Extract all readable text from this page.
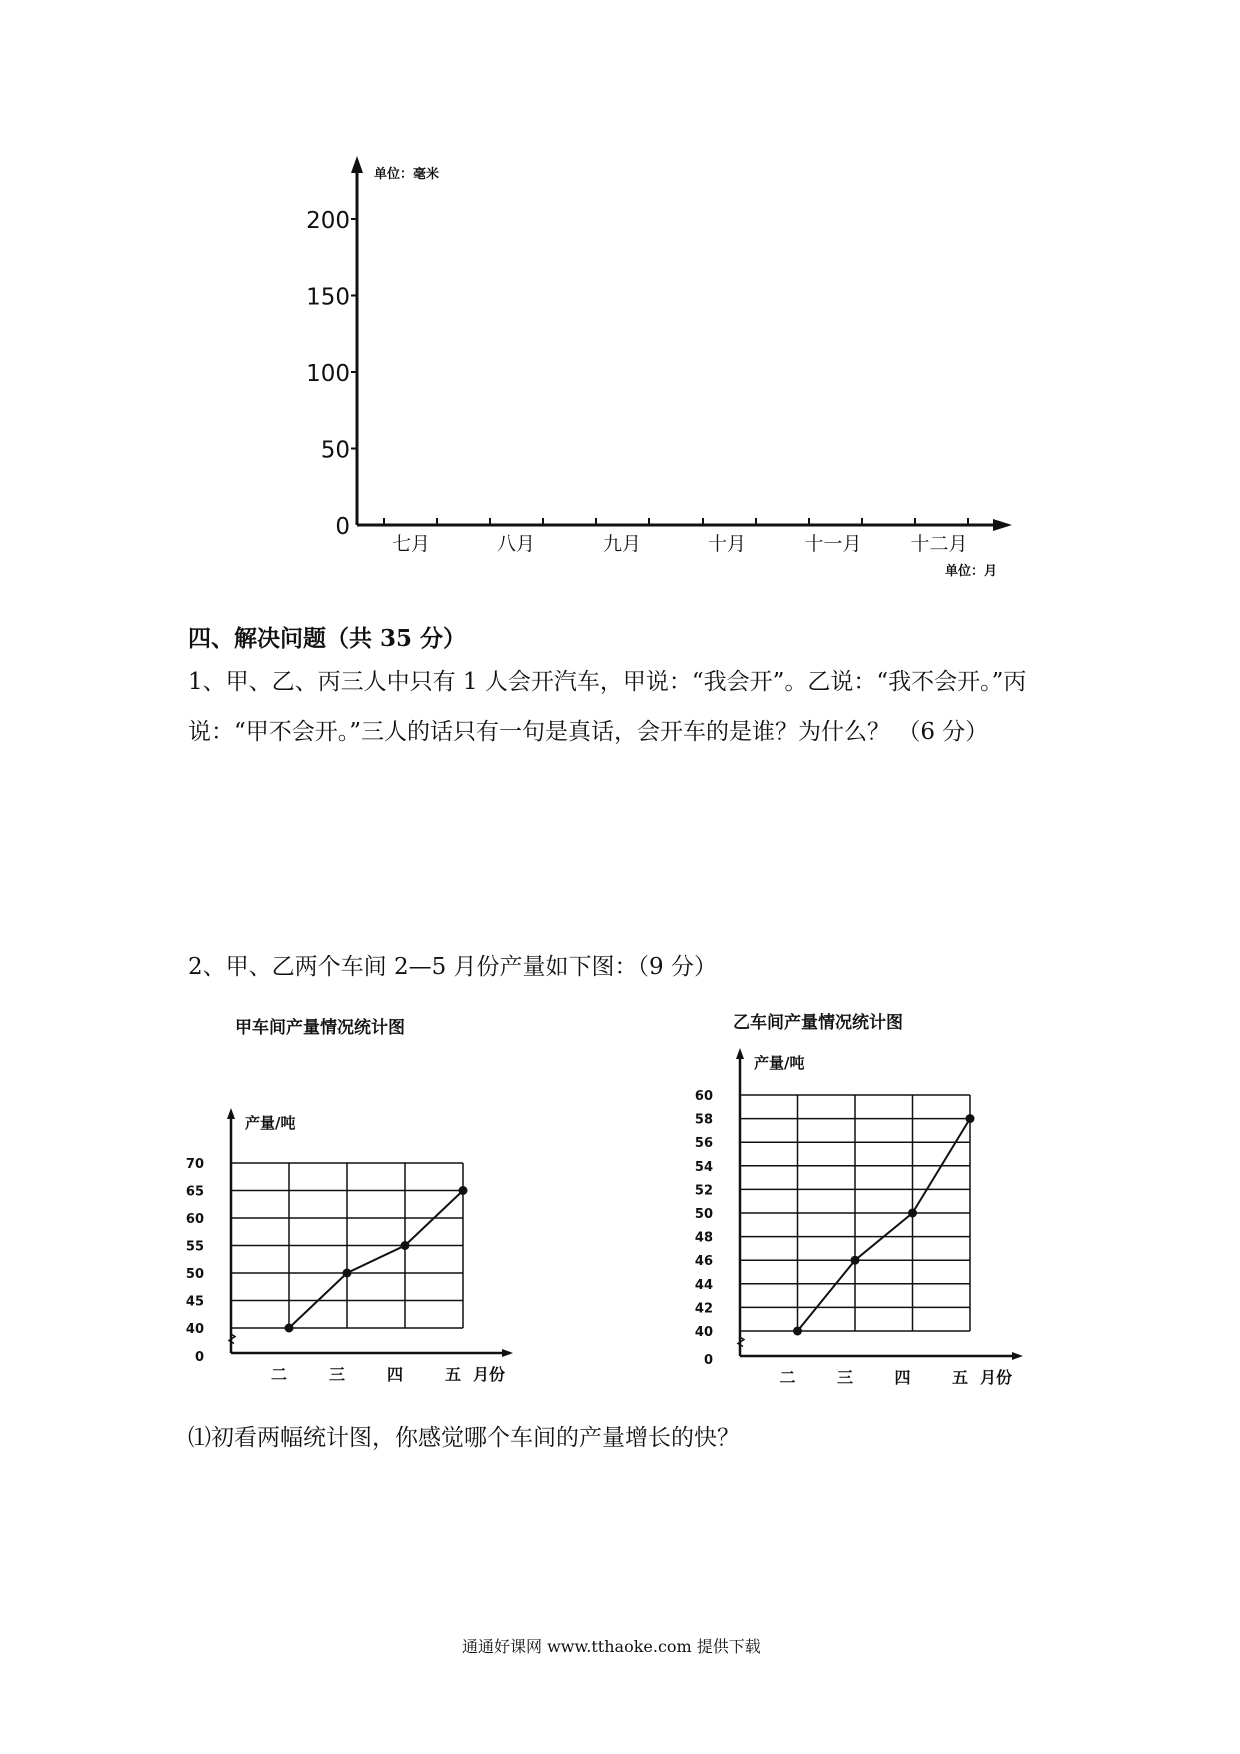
单位：毫米
单位：月
0
50
100
150
200
七月	八月	九月	十月	十一月	十二月
四、解决问题（共 35 分）
1、甲、乙、丙三人中只有 1 人会开汽车，甲说：“我会开”。乙说：“我不会开。”丙
说：“甲不会开。”三人的话只有一句是真话，会开车的是谁？为什么？ （6 分）
2、甲、乙两个车间 2—5 月份产量如下图：（9 分）
甲车间产量情况统计图
70
65
60
55
50
45
40
0
产量/吨
二	三	四	五 月份
乙车间产量情况统计图
60
58
56
54
52
50
48
46
44
42
40
0
产量/吨
二	三	四	五 月份
⑴初看两幅统计图，你感觉哪个车间的产量增长的快？
通通好课网 www.tthaoke.com 提供下载
